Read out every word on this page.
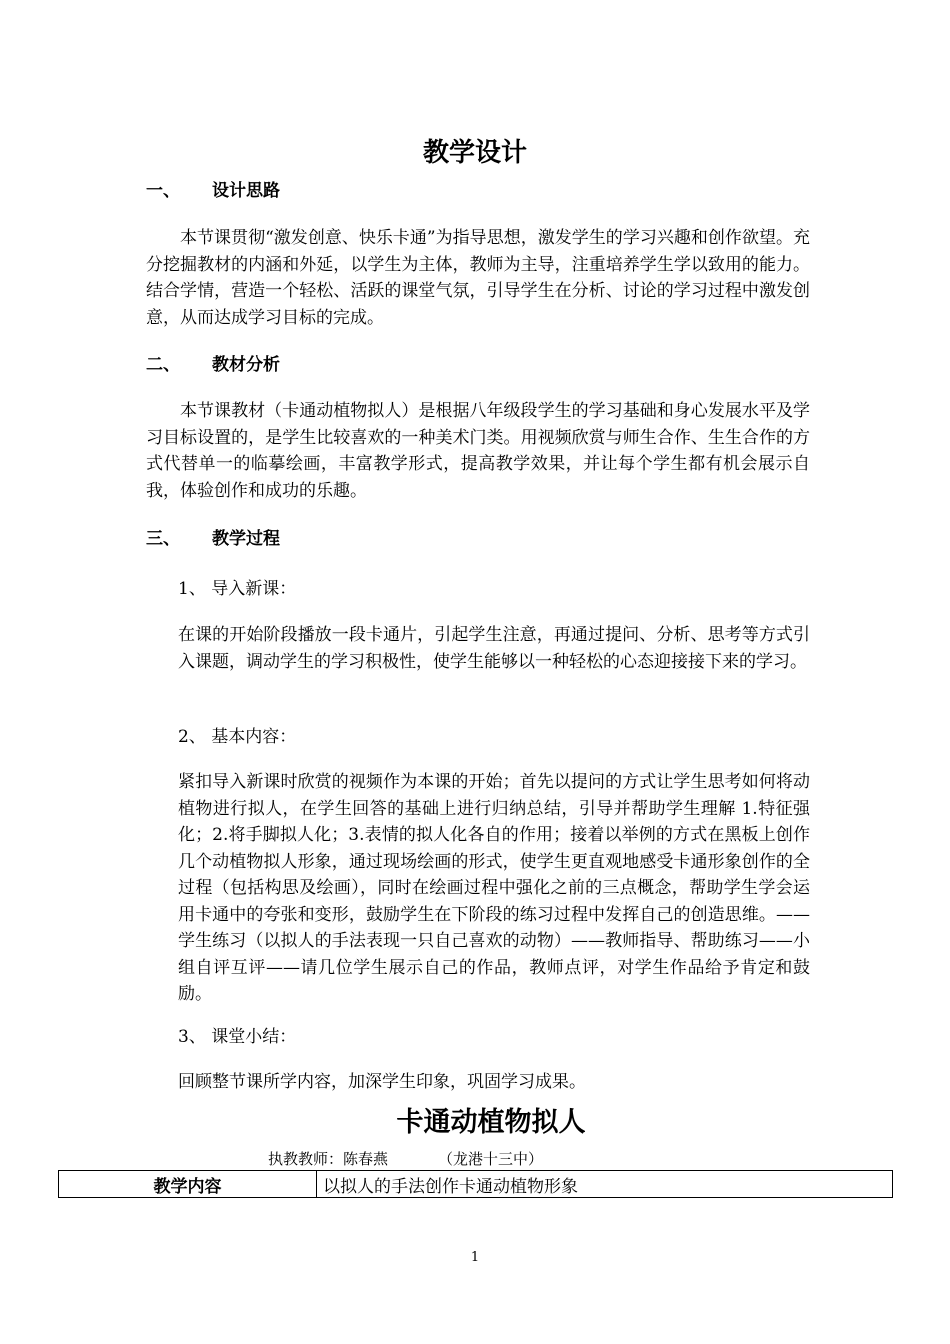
教学设计
一、 设计思路
本节课贯彻“激发创意、快乐卡通”为指导思想，激发学生的学习兴趣和创作欲望。充分挖掘教材的内涵和外延，以学生为主体，教师为主导，注重培养学生学以致用的能力。结合学情，营造一个轻松、活跃的课堂气氛，引导学生在分析、讨论的学习过程中激发创意，从而达成学习目标的完成。
二、 教材分析
本节课教材（卡通动植物拟人）是根据八年级段学生的学习基础和身心发展水平及学习目标设置的，是学生比较喜欢的一种美术门类。用视频欣赏与师生合作、生生合作的方式代替单一的临摹绘画，丰富教学形式，提高教学效果，并让每个学生都有机会展示自我，体验创作和成功的乐趣。
三、 教学过程
1、 导入新课：
在课的开始阶段播放一段卡通片，引起学生注意，再通过提问、分析、思考等方式引入课题，调动学生的学习积极性，使学生能够以一种轻松的心态迎接接下来的学习。
2、 基本内容：
紧扣导入新课时欣赏的视频作为本课的开始；首先以提问的方式让学生思考如何将动植物进行拟人，在学生回答的基础上进行归纳总结，引导并帮助学生理解 1.特征强化；2.将手脚拟人化；3.表情的拟人化各自的作用；接着以举例的方式在黑板上创作几个动植物拟人形象，通过现场绘画的形式，使学生更直观地感受卡通形象创作的全过程（包括构思及绘画），同时在绘画过程中强化之前的三点概念，帮助学生学会运用卡通中的夸张和变形，鼓励学生在下阶段的练习过程中发挥自己的创造思维。——学生练习（以拟人的手法表现一只自己喜欢的动物）——教师指导、帮助练习——小组自评互评——请几位学生展示自己的作品，教师点评，对学生作品给予肯定和鼓励。
3、 课堂小结：
回顾整节课所学内容，加深学生印象，巩固学习成果。
卡通动植物拟人
执教教师：陈春燕	（龙港十三中）
教学内容	以拟人的手法创作卡通动植物形象
1
